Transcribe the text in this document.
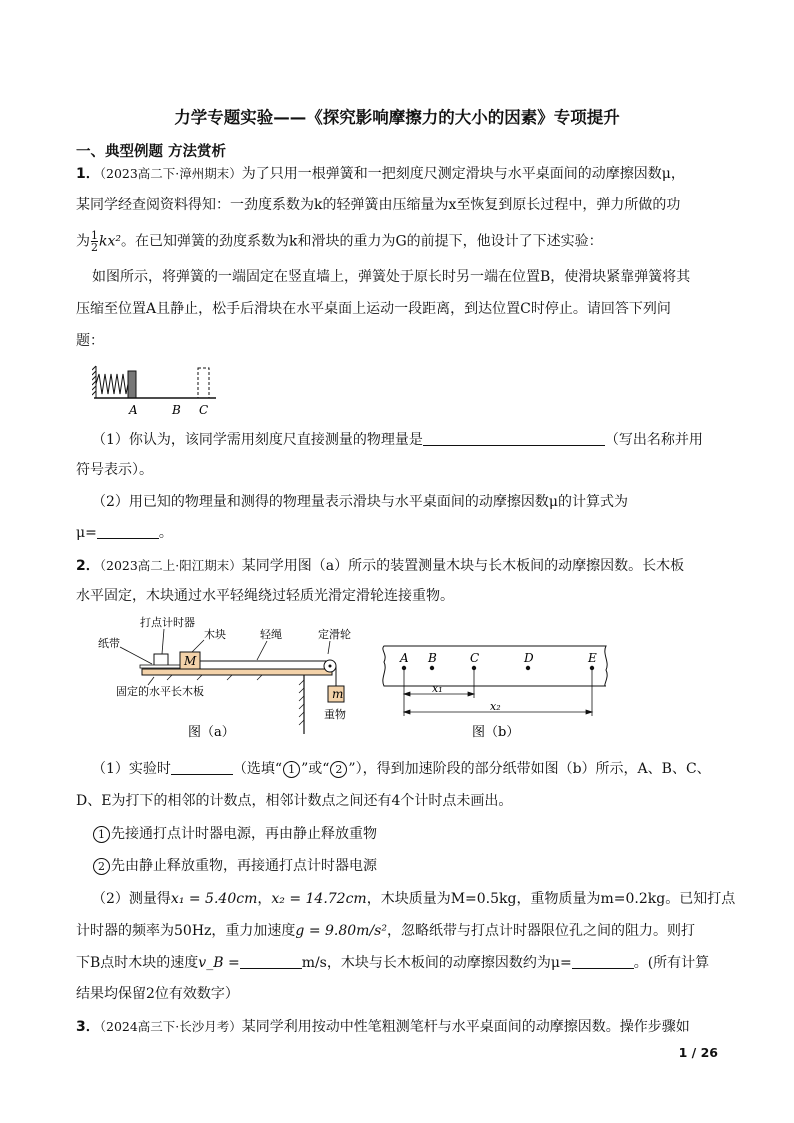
力学专题实验——《探究影响摩擦力的大小的因素》专项提升
一、典型例题 方法赏析
1．（2023高二下·漳州期末）为了只用一根弹簧和一把刻度尺测定滑块与水平桌面间的动摩擦因数μ，
某同学经查阅资料得知：一劲度系数为k的轻弹簧由压缩量为x至恢复到原长过程中，弹力所做的功
为 $\frac{1}{2} kx^2$。在已知弹簧的劲度系数为k和滑块的重力为G的前提下，他设计了下述实验：
如图所示，将弹簧的一端固定在竖直墙上，弹簧处于原长时另一端在位置B，使滑块紧靠弹簧将其
压缩至位置A且静止，松手后滑块在水平桌面上运动一段距离，到达位置C时停止。请回答下列问
题：
A	B C
（1）你认为，该同学需用刻度尺直接测量的物理量是	（写出名称并用
符号表示）。
（2）用已知的物理量和测得的物理量表示滑块与水平桌面间的动摩擦因数μ的计算式为
μ=	。
2．（2023高二上·阳江期末）某同学用图（a）所示的装置测量木块与长木板间的动摩擦因数。长木板
水平固定，木块通过水平轻绳绕过轻质光滑定滑轮连接重物。
打点计时器
纸带
木块	轻绳	定滑轮
M
m
重物
固定的水平长木板
图（a）
A B	C	D	E
x₁
x₂
图（b）
（1）实验时	（选填“ 1 ”或“ 2 ”），得到加速阶段的部分纸带如图（b）所示，A、B、C、
D、E为打下的相邻的计数点，相邻计数点之间还有4个计时点未画出。
1 先接通打点计时器电源，再由静止释放重物
2 先由静止释放重物，再接通打点计时器电源
（2）测量得x₁ = 5.40cm，x₂ = 14.72cm，木块质量为M=0.5kg，重物质量为m=0.2kg。已知打点
计时器的频率为50Hz，重力加速度g = 9.80m/s²，忽略纸带与打点计时器限位孔之间的阻力。则打
下B点时木块的速度v_B =	m/s，木块与长木板间的动摩擦因数约为μ=	。(所有计算
结果均保留2位有效数字）
3．（2024高三下·长沙月考）某同学利用按动中性笔粗测笔杆与水平桌面间的动摩擦因数。操作步骤如
1 / 26
